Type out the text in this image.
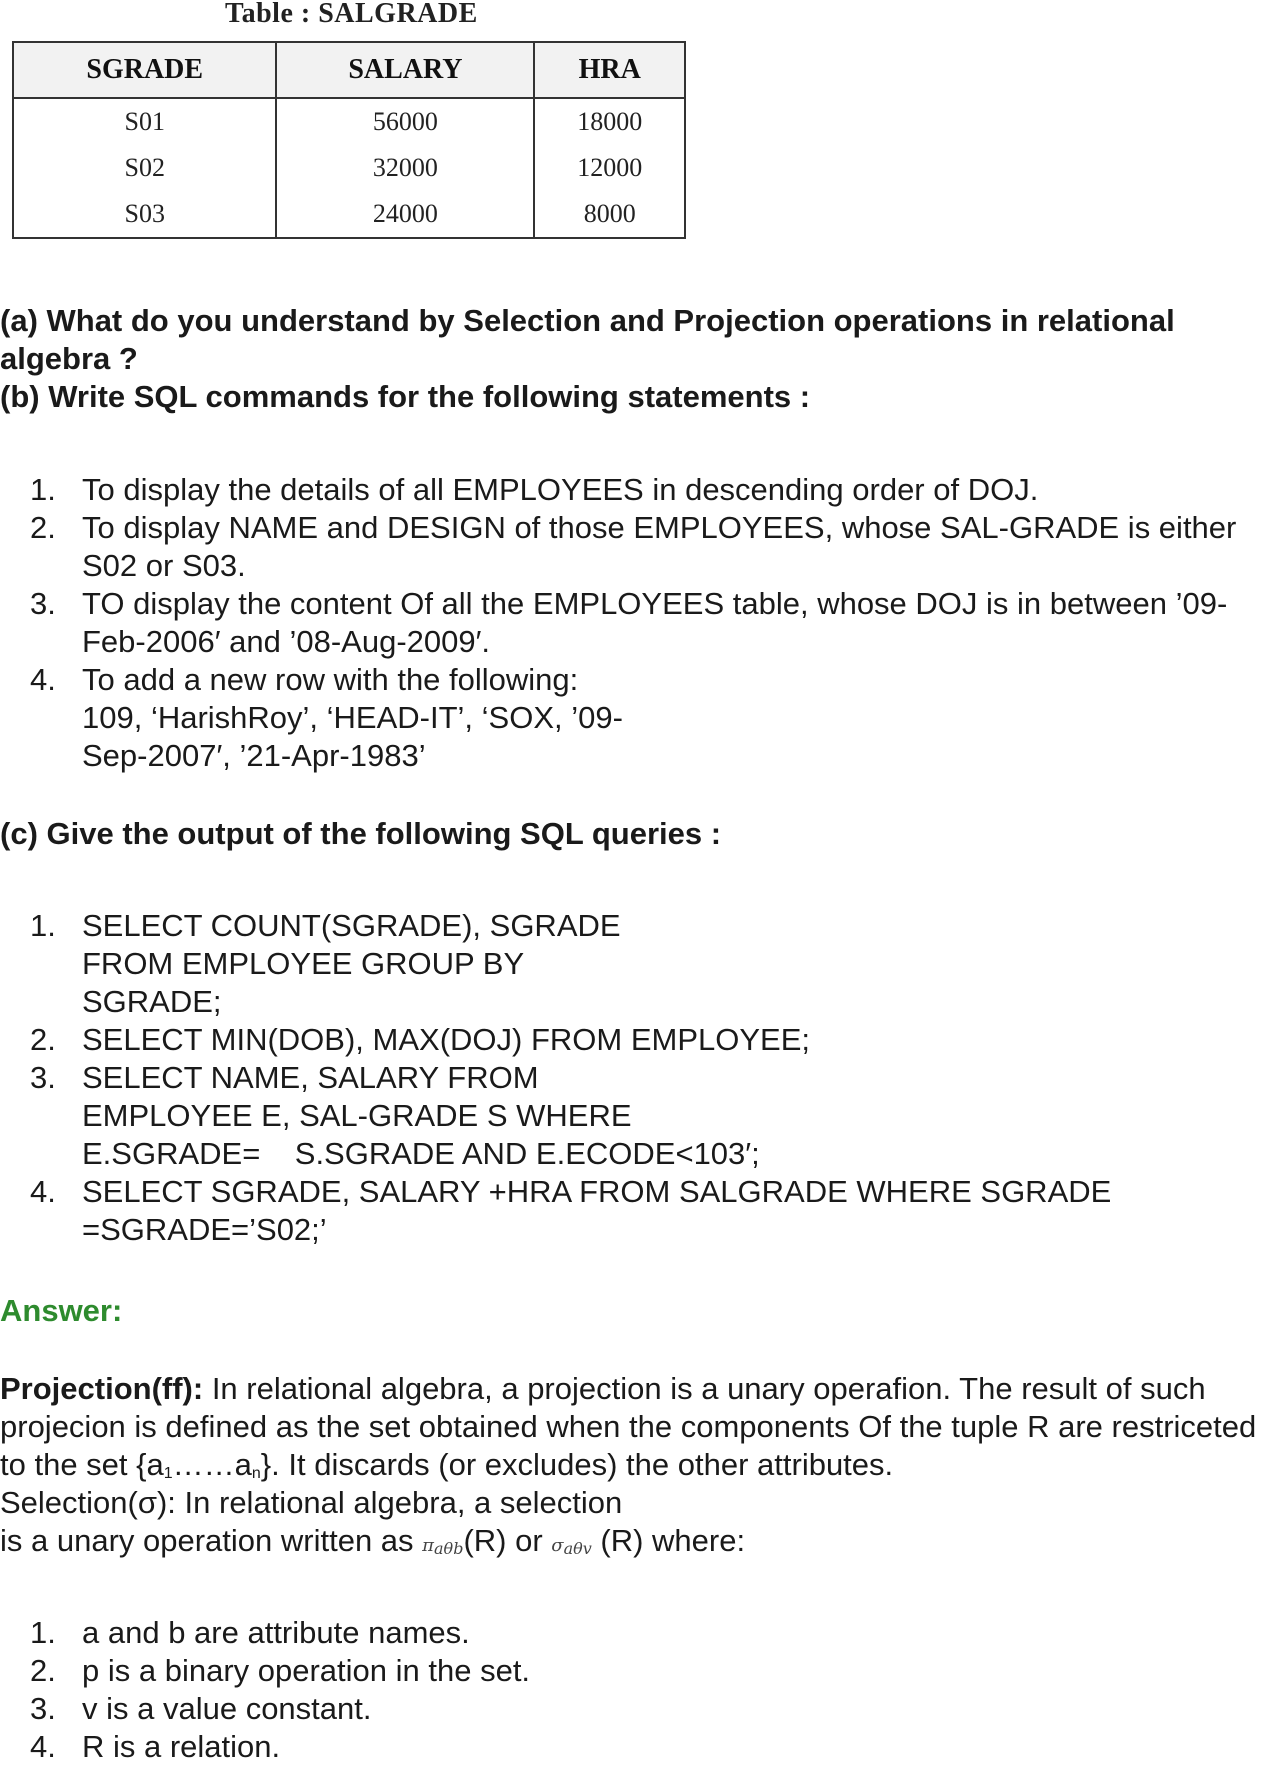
Table : SALGRADE
SGRADE	SALARY	HRA
S01	56000	18000
S02	32000	12000
S03	24000	8000
(a) What do you understand by Selection and Projection operations in relational algebra ?
(b) Write SQL commands for the following statements :
1. To display the details of all EMPLOYEES in descending order of DOJ.
2. To display NAME and DESIGN of those EMPLOYEES, whose SAL-GRADE is either S02 or S03.
3. TO display the content Of all the EMPLOYEES table, whose DOJ is in between ’09-Feb-2006′ and ’08-Aug-2009′.
4. To add a new row with the following:
109, ‘HarishRoy’, ‘HEAD-IT’, ‘SOX, ’09-
Sep-2007′, ’21-Apr-1983’
(c) Give the output of the following SQL queries :
1. SELECT COUNT(SGRADE), SGRADE
FROM EMPLOYEE GROUP BY
SGRADE;
2. SELECT MIN(DOB), MAX(DOJ) FROM EMPLOYEE;
3. SELECT NAME, SALARY FROM
EMPLOYEE E, SAL-GRADE S WHERE
E.SGRADE=    S.SGRADE AND E.ECODE<103′;
4. SELECT SGRADE, SALARY +HRA FROM SALGRADE WHERE SGRADE
=SGRADE=’S02;’
Answer:
Projection(ff): In relational algebra, a projection is a unary operafion. The result of such projecion is defined as the set obtained when the components Of the tuple R are restriceted to the set {a1……an}. It discards (or excludes) the other attributes.
Selection(σ): In relational algebra, a selection
is a unary operation written as πaθb(R) or σaθv (R) where:
1. a and b are attribute names.
2. p is a binary operation in the set.
3. v is a value constant.
4. R is a relation.
